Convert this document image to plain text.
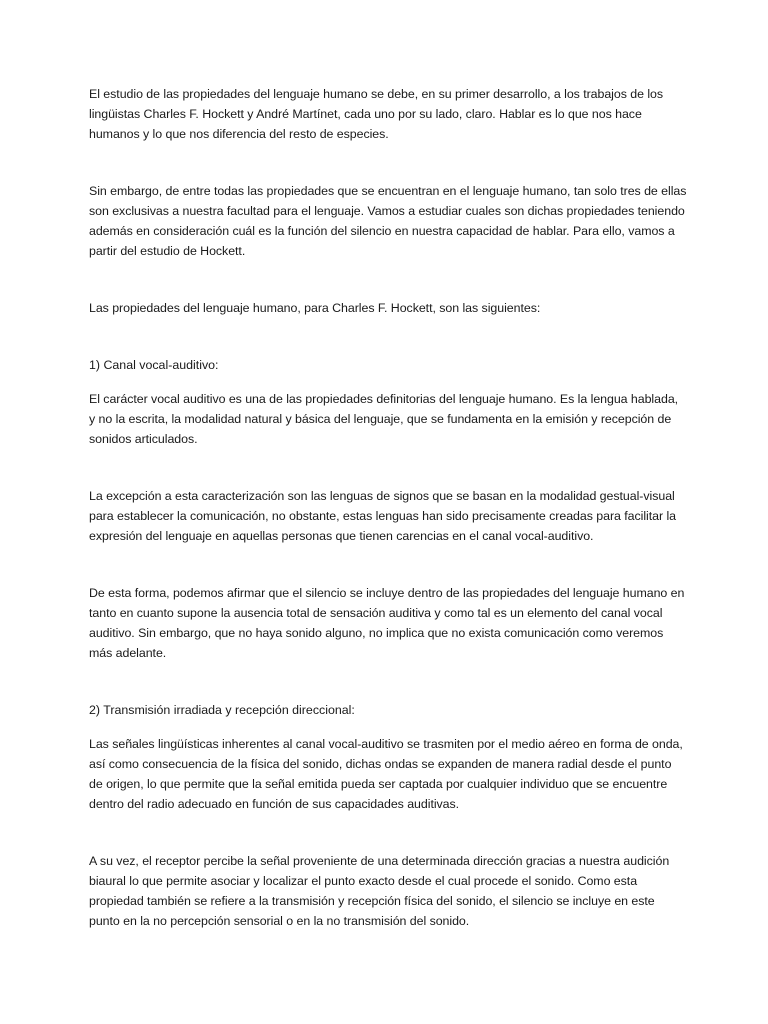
El estudio de las propiedades del lenguaje humano se debe, en su primer desarrollo, a los trabajos de los lingüistas Charles F. Hockett y André Martínet, cada uno por su lado, claro. Hablar es lo que nos hace humanos y lo que nos diferencia del resto de especies.

Sin embargo, de entre todas las propiedades que se encuentran en el lenguaje humano, tan solo tres de ellas son exclusivas a nuestra facultad para el lenguaje. Vamos a estudiar cuales son dichas propiedades teniendo además en consideración cuál es la función del silencio en nuestra capacidad de hablar. Para ello, vamos a partir del estudio de Hockett.

Las propiedades del lenguaje humano, para Charles F. Hockett, son las siguientes:

1) Canal vocal-auditivo:

El carácter vocal auditivo es una de las propiedades definitorias del lenguaje humano. Es la lengua hablada, y no la escrita, la modalidad natural y básica del lenguaje, que se fundamenta en la emisión y recepción de sonidos articulados.

La excepción a esta caracterización son las lenguas de signos que se basan en la modalidad gestual-visual para establecer la comunicación, no obstante, estas lenguas han sido precisamente creadas para facilitar la expresión del lenguaje en aquellas personas que tienen carencias en el canal vocal-auditivo.

De esta forma, podemos afirmar que el silencio se incluye dentro de las propiedades del lenguaje humano en tanto en cuanto supone la ausencia total de sensación auditiva y como tal es un elemento del canal vocal auditivo. Sin embargo, que no haya sonido alguno, no implica que no exista comunicación como veremos más adelante.

2) Transmisión irradiada y recepción direccional:

Las señales lingüísticas inherentes al canal vocal-auditivo se trasmiten por el medio aéreo en forma de onda, así como consecuencia de la física del sonido, dichas ondas se expanden de manera radial desde el punto de origen, lo que permite que la señal emitida pueda ser captada por cualquier individuo que se encuentre dentro del radio adecuado en función de sus capacidades auditivas.

A su vez, el receptor percibe la señal proveniente de una determinada dirección gracias a nuestra audición biaural lo que permite asociar y localizar el punto exacto desde el cual procede el sonido. Como esta propiedad también se refiere a la transmisión y recepción física del sonido, el silencio se incluye en este punto en la no percepción sensorial o en la no transmisión del sonido.
